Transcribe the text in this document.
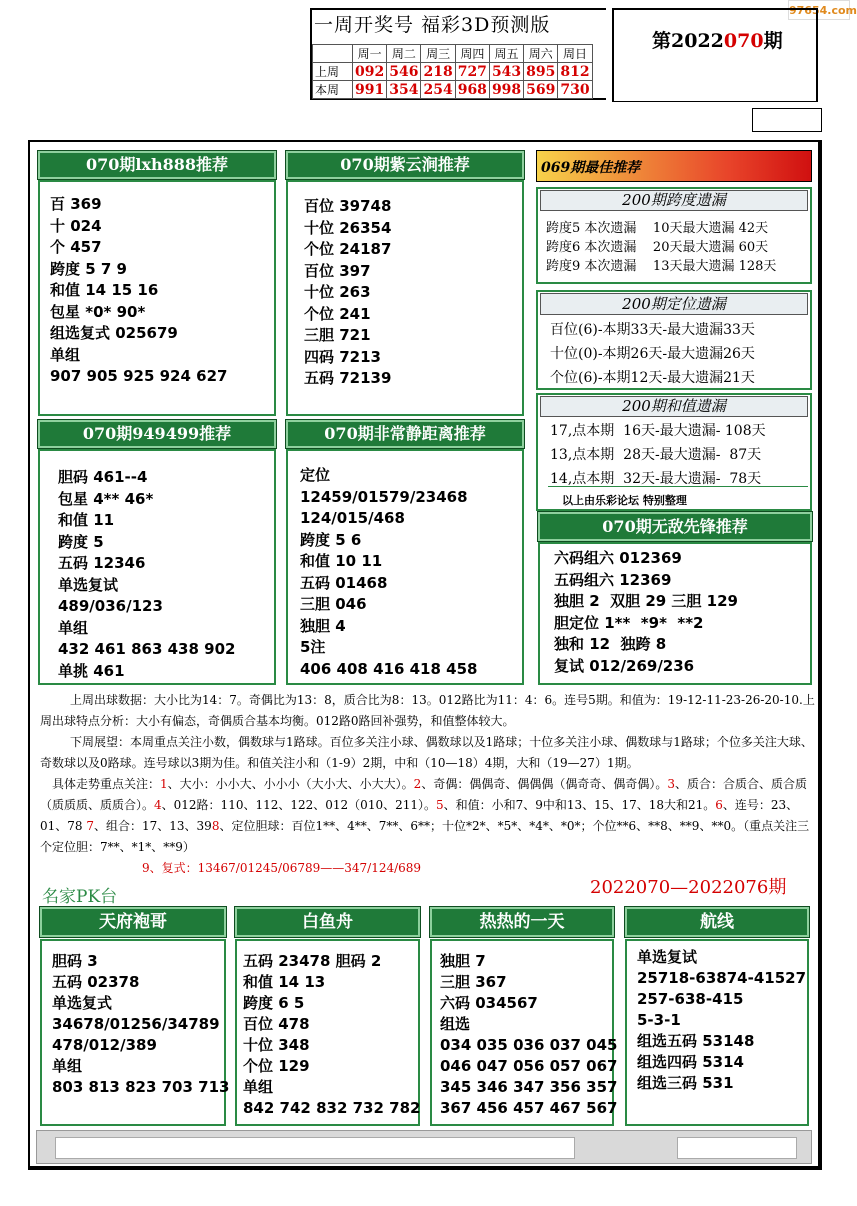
97654.com
一周开奖号 福彩3D预测版
	周一	周二	周三	周四	周五	周六	周日
上周	092	546	218	727	543	895	812
本周	991	354	254	968	998	569	730
第2022070期
070期lxh888推荐
百 369
十 024
个 457
跨度 5 7 9
和值 14 15 16
包星 *0* 90*
组选复式 025679
单组
907 905 925 924 627
070期紫云涧推荐
百位 39748
十位 26354
个位 24187
百位 397
十位 263
个位 241
三胆 721
四码 7213
五码 72139
070期949499推荐
胆码 461--4
包星 4** 46*
和值 11
跨度 5
五码 12346
单选复试
489/036/123
单组
432 461 863 438 902
单挑 461
070期非常静距离推荐
定位
12459/01579/23468
124/015/468
跨度 5 6
和值 10 11
五码 01468
三胆 046
独胆 4
5注
406 408 416 418 458
069期最佳推荐
200期跨度遗漏
跨度5 本次遗漏    10天最大遗漏 42天
跨度6 本次遗漏    20天最大遗漏 60天
跨度9 本次遗漏    13天最大遗漏 128天
200期定位遗漏
百位(6)-本期33天-最大遗漏33天
十位(0)-本期26天-最大遗漏26天
个位(6)-本期12天-最大遗漏21天
200期和值遗漏
17,点本期  16天-最大遗漏- 108天
13,点本期  28天-最大遗漏-  87天
14,点本期  32天-最大遗漏-  78天
以上由乐彩论坛 特别整理
070期无敌先锋推荐
六码组六 012369
五码组六 12369
独胆 2  双胆 29 三胆 129
胆定位 1**  *9*  **2
独和 12  独跨 8
复试 012/269/236

上周出球数据：大小比为14：7。奇偶比为13：8，质合比为8：13。012路比为11：4：6。连号5期。和值为：19-12-11-23-26-20-10.上周出球特点分析：大小有偏态，奇偶质合基本均衡。012路0路回补强势，和值整体较大。

下周展望：本周重点关注小数，偶数球与1路球。百位多关注小球、偶数球以及1路球；十位多关注小球、偶数球与1路球；个位多关注大球、奇数球以及0路球。连号球以3期为佳。和值关注小和（1-9）2期，中和（10—18）4期，大和（19—27）1期。

具体走势重点关注：1、大小：小小大、小小小（大小大、小大大）。2、奇偶：偶偶奇、偶偶偶（偶奇奇、偶奇偶）。3、质合：合质合、质合质（质质质、质质合）。4、012路：110、112、122、012（010、211）。5、和值：小和7、9中和13、15、17、18大和21。6、连号：23、01、78 7、组合：17、13、398、定位胆球：百位1**、4**、7**、6**；十位*2*、*5*、*4*、*0*；个位**6、**8、**9、**0。（重点关注三个定位胆：7**、*1*、**9）

9、复式：13467/01245/06789——347/124/689

名家PK台	2022070—2022076期
天府袍哥
胆码 3
五码 02378
单选复式
34678/01256/34789
478/012/389
单组
803 813 823 703 713
白鱼舟
五码 23478 胆码 2
和值 14 13
跨度 6 5
百位 478
十位 348
个位 129
单组
842 742 832 732 782
热热的一天
独胆 7
三胆 367
六码 034567
组选
034 035 036 037 045
046 047 056 057 067
345 346 347 356 357
367 456 457 467 567
航线
单选复试
25718-63874-41527
257-638-415
5-3-1
组选五码 53148
组选四码 5314
组选三码 531
